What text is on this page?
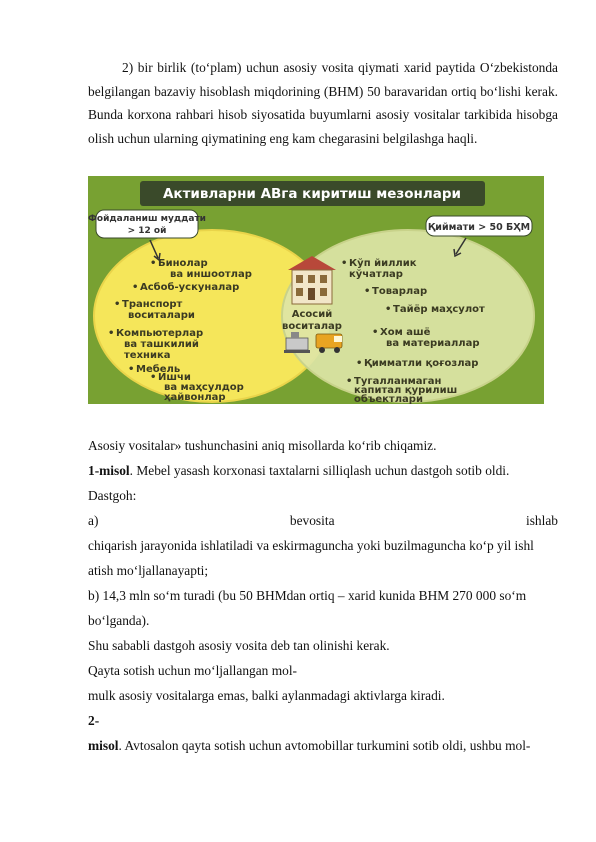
2) bir birlik (to‘plam) uchun asosiy vosita qiymati xarid paytida O‘zbekistonda belgilangan bazaviy hisoblash miqdorining (BHM) 50 baravaridan ortiq bo‘lishi kerak. Bunda korxona rahbari hisob siyosatida buyumlarni asosiy vositalar tarkibida hisobga olish uchun ularning qiymatining eng kam chegarasini belgilashga haqli.

Активларни АВга киритиш мезонлари
Фойдаланиш муддати
> 12 ой	Қиймати > 50 БҲМ
• Бинолар
ва иншоотлар
• Асбоб-ускуналар
• Транспорт
воситалари
• Компьютерлар
ва ташкилий
техника
• Мебель
• Ишчи
ва маҳсулдор
ҳайвонлар
Асосий
воситалар
• Кўп йиллик
кўчатлар
• Товарлар
• Тайёр маҳсулот
• Хом ашё
ва материаллар
• Қимматли қоғозлар
• Тугалланмаган
капитал қурилиш
объектлари

Asosiy vositalar» tushunchasini aniq misollarda ko‘rib chiqamiz.

1-misol. Mebel yasash korxonasi taxtalarni silliqlash uchun dastgoh sotib oldi.

Dastgoh:

a)	bevosita	ishlab

chiqarish jarayonida ishlatiladi va eskirmaguncha yoki buzilmaguncha ko‘p yil ishl

atish mo‘ljallanayapti;

b) 14,3 mln so‘m turadi (bu 50 BHMdan ortiq – xarid kunida BHM 270 000 so‘m

bo‘lganda).

Shu sababli dastgoh asosiy vosita deb tan olinishi kerak.

Qayta sotish uchun mo‘ljallangan mol-

mulk asosiy vositalarga emas, balki aylanmadagi aktivlarga kiradi.

2-

misol. Avtosalon qayta sotish uchun avtomobillar turkumini sotib oldi, ushbu mol-
